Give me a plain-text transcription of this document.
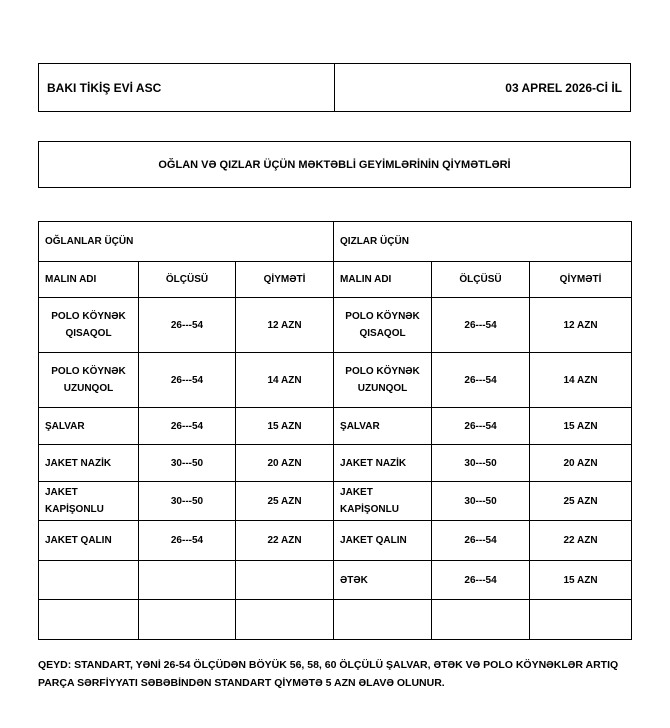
BAKI TİKİŞ EVİ ASC	03 APREL 2026-Cİ İL
OĞLAN VƏ QIZLAR ÜÇÜN MƏKTƏBLİ GEYİMLƏRİNİN QİYMƏTLƏRİ
OĞLANLAR ÜÇÜN			QIZLAR ÜÇÜN		
MALIN ADI	ÖLÇÜSÜ	QİYMƏTİ	MALIN ADI	ÖLÇÜSÜ	QİYMƏTİ
POLO KÖYNƏK QISAQOL	26---54	12 AZN	POLO KÖYNƏK QISAQOL	26---54	12 AZN
POLO KÖYNƏK UZUNQOL	26---54	14 AZN	POLO KÖYNƏK UZUNQOL	26---54	14 AZN
ŞALVAR	26---54	15 AZN	ŞALVAR	26---54	15 AZN
JAKET NAZİK	30---50	20 AZN	JAKET NAZİK	30---50	20 AZN
JAKET KAPİŞONLU	30---50	25 AZN	JAKET KAPİŞONLU	30---50	25 AZN
JAKET QALIN	26---54	22 AZN	JAKET QALIN	26---54	22 AZN
			ƏTƏK	26---54	15 AZN

QEYD: STANDART, YƏNİ 26-54 ÖLÇÜDƏN BÖYÜK 56, 58, 60 ÖLÇÜLÜ ŞALVAR, ƏTƏK VƏ POLO KÖYNƏKLƏR ARTIQ PARÇA SƏRFİYYATI SƏBƏBİNDƏN STANDART QİYMƏTƏ 5 AZN ƏLAVƏ OLUNUR.
